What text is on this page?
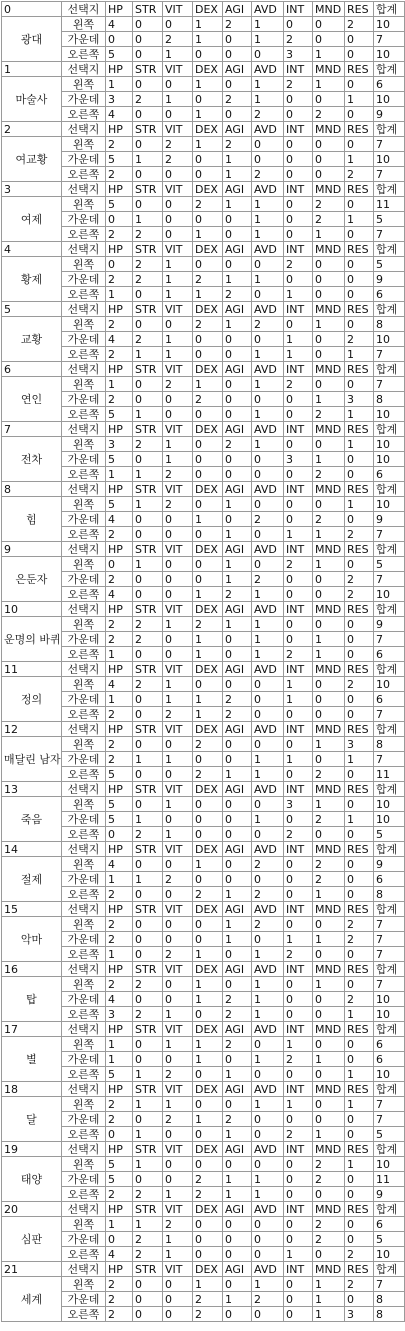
0	선택지	HP	STR	VIT	DEX	AGI	AVD	INT	MND	RES	합계
광대	왼쪽	4	0	0	1	2	1	0	0	2	10
	가운데	0	0	2	1	0	1	2	0	0	7
	오른쪽	5	0	1	0	0	0	3	1	0	10
1	선택지	HP	STR	VIT	DEX	AGI	AVD	INT	MND	RES	합계
마술사	왼쪽	1	0	0	1	0	1	2	1	0	6
	가운데	3	2	1	0	2	1	0	0	1	10
	오른쪽	4	0	0	1	0	2	0	2	0	9
2	선택지	HP	STR	VIT	DEX	AGI	AVD	INT	MND	RES	합계
여교황	왼쪽	2	0	2	1	2	0	0	0	0	7
	가운데	5	1	2	0	1	0	0	0	1	10
	오른쪽	2	0	0	0	1	2	0	0	2	7
3	선택지	HP	STR	VIT	DEX	AGI	AVD	INT	MND	RES	합계
여제	왼쪽	5	0	0	2	1	1	0	2	0	11
	가운데	0	1	0	0	0	1	0	2	1	5
	오른쪽	2	2	0	1	0	1	0	1	0	7
4	선택지	HP	STR	VIT	DEX	AGI	AVD	INT	MND	RES	합계
황제	왼쪽	0	2	1	0	0	0	2	0	0	5
	가운데	2	2	1	2	1	1	0	0	0	9
	오른쪽	1	0	1	1	2	0	1	0	0	6
5	선택지	HP	STR	VIT	DEX	AGI	AVD	INT	MND	RES	합계
교황	왼쪽	2	0	0	2	1	2	0	1	0	8
	가운데	4	2	1	0	0	0	1	0	2	10
	오른쪽	2	1	1	0	0	1	1	0	1	7
6	선택지	HP	STR	VIT	DEX	AGI	AVD	INT	MND	RES	합계
연인	왼쪽	1	0	2	1	0	1	2	0	0	7
	가운데	2	0	0	2	0	0	0	1	3	8
	오른쪽	5	1	0	0	0	1	0	2	1	10
7	선택지	HP	STR	VIT	DEX	AGI	AVD	INT	MND	RES	합계
전차	왼쪽	3	2	1	0	2	1	0	0	1	10
	가운데	5	0	1	0	0	0	3	1	0	10
	오른쪽	1	1	2	0	0	0	0	2	0	6
8	선택지	HP	STR	VIT	DEX	AGI	AVD	INT	MND	RES	합계
힘	왼쪽	5	1	2	0	1	0	0	0	1	10
	가운데	4	0	0	1	0	2	0	2	0	9
	오른쪽	2	0	0	0	1	0	1	1	2	7
9	선택지	HP	STR	VIT	DEX	AGI	AVD	INT	MND	RES	합계
은둔자	왼쪽	0	1	0	0	1	0	2	1	0	5
	가운데	2	0	0	0	1	2	0	0	2	7
	오른쪽	4	0	0	1	2	1	0	0	2	10
10	선택지	HP	STR	VIT	DEX	AGI	AVD	INT	MND	RES	합계
운명의 바퀴	왼쪽	2	2	1	2	1	1	0	0	0	9
	가운데	2	2	0	1	0	1	0	1	0	7
	오른쪽	1	0	0	1	0	1	2	1	0	6
11	선택지	HP	STR	VIT	DEX	AGI	AVD	INT	MND	RES	합계
정의	왼쪽	4	2	1	0	0	0	1	0	2	10
	가운데	1	0	1	1	2	0	1	0	0	6
	오른쪽	2	0	2	1	2	0	0	0	0	7
12	선택지	HP	STR	VIT	DEX	AGI	AVD	INT	MND	RES	합계
매달린 남자	왼쪽	2	0	0	2	0	0	0	1	3	8
	가운데	2	1	1	0	0	1	1	0	1	7
	오른쪽	5	0	0	2	1	1	0	2	0	11
13	선택지	HP	STR	VIT	DEX	AGI	AVD	INT	MND	RES	합계
죽음	왼쪽	5	0	1	0	0	0	3	1	0	10
	가운데	5	1	0	0	0	1	0	2	1	10
	오른쪽	0	2	1	0	0	0	2	0	0	5
14	선택지	HP	STR	VIT	DEX	AGI	AVD	INT	MND	RES	합계
절제	왼쪽	4	0	0	1	0	2	0	2	0	9
	가운데	1	1	2	0	0	0	0	2	0	6
	오른쪽	2	0	0	2	1	2	0	1	0	8
15	선택지	HP	STR	VIT	DEX	AGI	AVD	INT	MND	RES	합계
악마	왼쪽	2	0	0	0	1	2	0	0	2	7
	가운데	2	0	0	0	1	0	1	1	2	7
	오른쪽	1	0	2	1	0	1	2	0	0	7
16	선택지	HP	STR	VIT	DEX	AGI	AVD	INT	MND	RES	합계
탑	왼쪽	2	2	0	1	0	1	0	1	0	7
	가운데	4	0	0	1	2	1	0	0	2	10
	오른쪽	3	2	1	0	2	1	0	0	1	10
17	선택지	HP	STR	VIT	DEX	AGI	AVD	INT	MND	RES	합계
별	왼쪽	1	0	1	1	2	0	1	0	0	6
	가운데	1	0	0	1	0	1	2	1	0	6
	오른쪽	5	1	2	0	1	0	0	0	1	10
18	선택지	HP	STR	VIT	DEX	AGI	AVD	INT	MND	RES	합계
달	왼쪽	2	1	1	0	0	1	1	0	1	7
	가운데	2	0	2	1	2	0	0	0	0	7
	오른쪽	0	1	0	0	1	0	2	1	0	5
19	선택지	HP	STR	VIT	DEX	AGI	AVD	INT	MND	RES	합계
태양	왼쪽	5	1	0	0	0	0	0	2	1	10
	가운데	5	0	0	2	1	1	0	2	0	11
	오른쪽	2	2	1	2	1	1	0	0	0	9
20	선택지	HP	STR	VIT	DEX	AGI	AVD	INT	MND	RES	합계
심판	왼쪽	1	1	2	0	0	0	0	2	0	6
	가운데	0	2	1	0	0	0	0	2	0	5
	오른쪽	4	2	1	0	0	0	1	0	2	10
21	선택지	HP	STR	VIT	DEX	AGI	AVD	INT	MND	RES	합계
세계	왼쪽	2	0	0	1	0	1	0	1	2	7
	가운데	2	0	0	2	1	2	0	1	0	8
	오른쪽	2	0	0	2	0	0	0	1	3	8
